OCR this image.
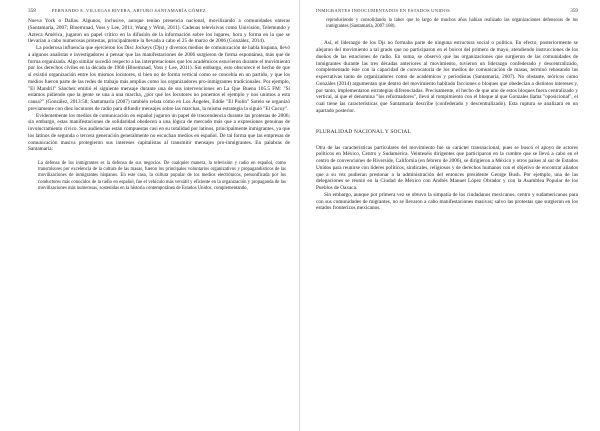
358	FERNANDO E. VILLEGAS RIVERA, ARTURO SANTAMARÍA GÓMEZ

Nueva York o Dallas. Algunos, inclusive, aunque tenían presencia nacional, movilizando a comunidades enteras (Santamaría, 2007; Bloemraad, Voss y Lee, 2011; Wang y Winn, 2011). Cadenas televisivas como Univisión, Telemundo y Azteca América, jugaron un papel crítico en la difusión de la información sobre los lugares, hora y forma en la que se llevarían a cabo numerosas protestas, principalmente la llevada a cabo el 25 de marzo de 2006 (González, 2014).

La poderosa influencia que ejercieron los Disc Jockeys (Djs) y diversos medios de comunicación de habla hispana, llevó a algunos analistas e investigadores a pensar que las manifestaciones de 2006 surgieron de forma espontánea, más que de forma organizada. Algo similar sucedió respecto a las interpretaciones que los académicos estuvieron durante el movimiento por los derechos civiles en la década de 1960 (Bloemraad, Voss y Lee, 2011). Sin embargo, esto obscurece el hecho de que sí existió organización entre los mismos locutores, si bien no de forma vertical como se concebía en un partido, y que los medios fueron parte de las redes de trabajo más amplias como los organizadores pro-inmigrantes tradicionales. Por ejemplo, "El Mandril" Sánchez emitió el siguiente mensaje durante una de sus intervenciones en La Que Buena 105.5 FM: "Si estamos pidiendo que la gente se una a una marcha, ¿por qué les locutores no ponemos el ejemplo y nos unimos a esta causa?" (González, 2013:58; Santamaría (2007) también relata cómo en Los Ángeles, Eddie "El Piolín" Sotelo se organizó previamente con diez locutores de radio para difundir mensajes sobre las marchas, la misma estrategia la siguió "El Cucuy".

Evidentemente los medios de comunicación en español jugaron un papel de trascendencia durante las protestas de 2006; sin embargo, estas manifestaciones de solidaridad obedecen a una lógica de mercado más que a expresiones genuinas de involucramiento cívico. Sus audiencias están compuestas casi en su totalidad por latinos, principalmente inmigrantes, ya que los latinos de segunda o tercera generación generalmente no escuchan medios en español. De tal forma que las empresas de comunicación masiva protegieron sus intereses capitalistas al transmitir mensajes pro-inmigrantes. En palabras de Santamaría:

La defensa de los inmigrantes es la defensa de sus negocios. De cualquier manera, la televisión y radio en español, como transmisores por excelencia de la cultura de las masas, fueron los principales voluntarios organizativos y propagandísticos de las movilizaciones de inmigrantes hispanos. En este caso, la cultura popular de los medios electrónicos, personificada por los conductores más conocidos de la radio en español, fue el vehículo más versátil y eficiente en la organización y propaganda de las movilizaciones más numerosas, sostenidas en la historia contemporánea de Estados Unidos, complementando,

INMIGRANTES INDOCUMENTADOS EN ESTADOS UNIDOS	359

reproduciendo y consolidando la labor que lo largo de muchos años habían realizado las organizaciones defensoras de los inmigrantes (Santamaría, 2007:108).

Así, el liderazgo de los Djs no formaba parte de ninguna estructura social o política. En efecto, posteriormente se alejaron del movimiento a tal grado que no participaron en el boicot del primero de mayo, atendiendo instrucciones de los dueños de las estaciones de radio. En suma, se observó que las organizaciones que surgieron de las comunidades de inmigrantes durante las tres décadas anteriores al movimiento, tuvieron un liderazgo confederado y descentralizado, complementado éste con la capacidad de convocatoria de los medios de comunicación de masas, terminó rebasando las expectativas tanto de organizadores como de académicos y periodistas (Santamaría, 2007). No obstante, teóricos como Gonzáles (2014) argumentan que dentro del movimiento habitado facciones o bloques que obedecían a distintos intereses y, por tanto, implementaron estrategias diferenciadas. Precisamente, el hecho de que uno de estos bloques fuera centralizado y vertical, al que el denomina "los reformadores", llevó al rompimiento con el bloque al que Gonzales llama "oposicional", el cual tiene las características que Santamaría describe (confederado y descentralizado). Esta ruptura se analizará en un apartado posterior.

PLURALIDAD NACIONAL Y SOCIAL

Otra de las características particulares del movimiento fue su carácter transnacional, pues se buscó el apoyo de actores políticos en México, Centro y Sudamérica. Veinteséis dirigentes que participaron en la cumbre que se llevó a cabo en el centro de convenciones de Riverside, California (en febrero de 2006), se dirigieron a México y otros países al sur de Estados Unidos para reunirse con líderes políticos, sindicales, religiosos y de derechos humanos con el objetivo de encontrar aliados que a su vez pudieran prestonar a la administración del entonces presidente George Bush. Por ejemplo, una de las delegaciones se reunió en la Ciudad de México con Andrés Manuel López Obrador y con la Asamblea Popular de los Pueblos de Oaxaca.

Sin embargo, aunque por primera vez se obtuvo la simpatía de los ciudadanos mexicanos, centro y sudamericanos para con sus comunidades de migrantes, no se llevaron a cabo manifestaciones masivas; salvo las protestas que surgieron en los estados fronterizos mexicanos.
